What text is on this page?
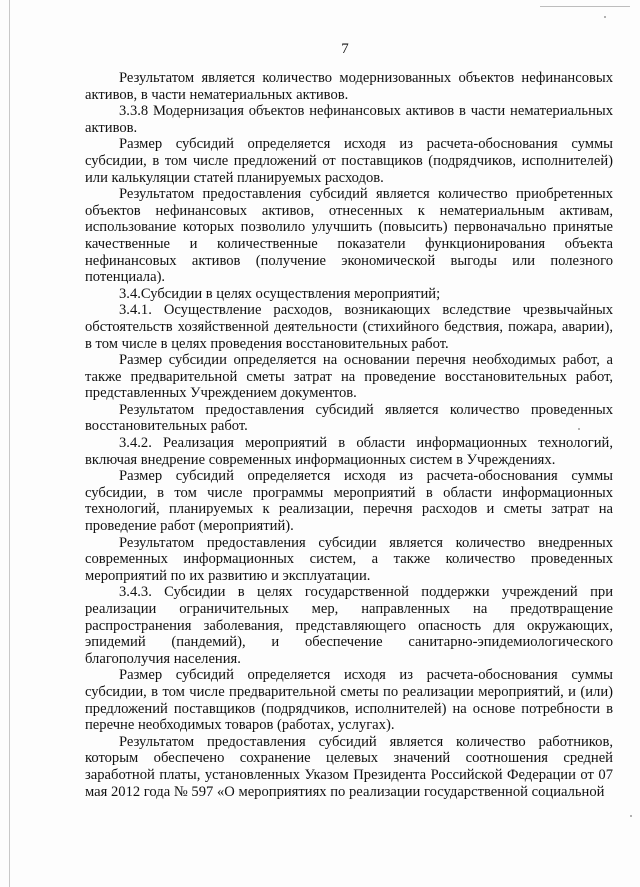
7

Результатом является количество модернизованных объектов нефинансовых активов, в части нематериальных активов.

3.3.8 Модернизация объектов нефинансовых активов в части нематериальных активов.

Размер субсидий определяется исходя из расчета-обоснования суммы субсидии, в том числе предложений от поставщиков (подрядчиков, исполнителей) или калькуляции статей планируемых расходов.

Результатом предоставления субсидий является количество приобретенных объектов нефинансовых активов, отнесенных к нематериальным активам, использование которых позволило улучшить (повысить) первоначально принятые качественные и количественные показатели функционирования объекта нефинансовых активов (получение экономической выгоды или полезного потенциала).

3.4.Субсидии в целях осуществления мероприятий;

3.4.1. Осуществление расходов, возникающих вследствие чрезвычайных обстоятельств хозяйственной деятельности (стихийного бедствия, пожара, аварии), в том числе в целях проведения восстановительных работ.

Размер субсидии определяется на основании перечня необходимых работ, а также предварительной сметы затрат на проведение восстановительных работ, представленных Учреждением документов.

Результатом предоставления субсидий является количество проведенных восстановительных работ.

3.4.2. Реализация мероприятий в области информационных технологий, включая внедрение современных информационных систем в Учреждениях.

Размер субсидий определяется исходя из расчета-обоснования суммы субсидии, в том числе программы мероприятий в области информационных технологий, планируемых к реализации, перечня расходов и сметы затрат на проведение работ (мероприятий).

Результатом предоставления субсидии является количество внедренных современных информационных систем, а также количество проведенных мероприятий по их развитию и эксплуатации.

3.4.3. Субсидии в целях государственной поддержки учреждений при реализации ограничительных мер, направленных на предотвращение распространения заболевания, представляющего опасность для окружающих, эпидемий (пандемий), и обеспечение санитарно-эпидемиологического благополучия населения.

Размер субсидий определяется исходя из расчета-обоснования суммы субсидии, в том числе предварительной сметы по реализации мероприятий, и (или) предложений поставщиков (подрядчиков, исполнителей) на основе потребности в перечне необходимых товаров (работах, услугах).

Результатом предоставления субсидий является количество работников, которым обеспечено сохранение целевых значений соотношения средней заработной платы, установленных Указом Президента Российской Федерации от 07 мая 2012 года № 597 «О мероприятиях по реализации государственной социальной
